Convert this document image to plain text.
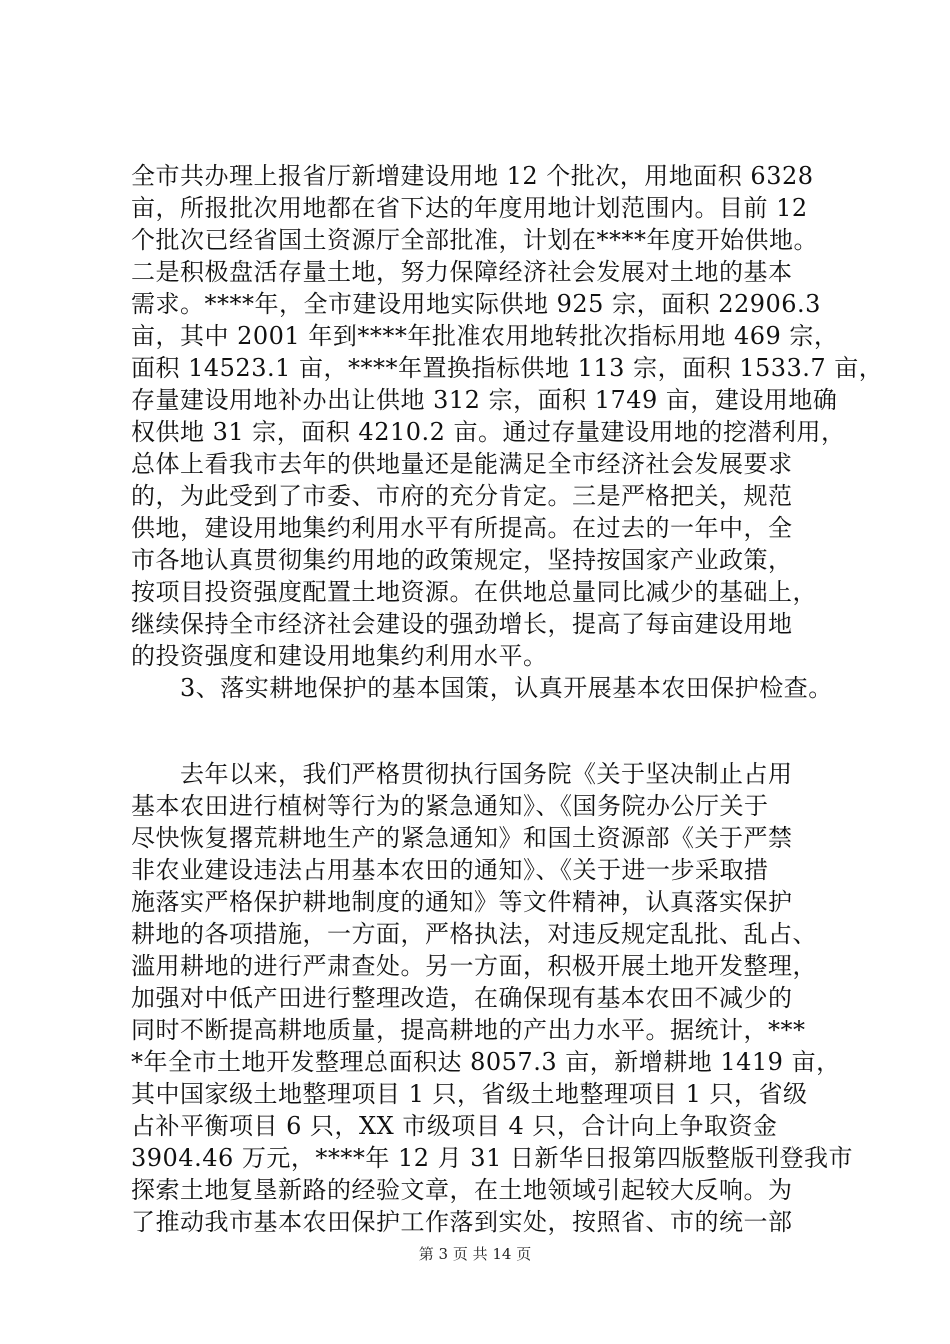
全市共办理上报省厅新增建设用地 12 个批次，用地面积 6328
亩，所报批次用地都在省下达的年度用地计划范围内。目前 12
个批次已经省国土资源厅全部批准，计划在****年度开始供地。
二是积极盘活存量土地，努力保障经济社会发展对土地的基本
需求。****年，全市建设用地实际供地 925 宗，面积 22906.3
亩，其中 2001 年到****年批准农用地转批次指标用地 469 宗，
面积 14523.1 亩，****年置换指标供地 113 宗，面积 1533.7 亩，
存量建设用地补办出让供地 312 宗，面积 1749 亩，建设用地确
权供地 31 宗，面积 4210.2 亩。通过存量建设用地的挖潜利用，
总体上看我市去年的供地量还是能满足全市经济社会发展要求
的，为此受到了市委、市府的充分肯定。三是严格把关，规范
供地，建设用地集约利用水平有所提高。在过去的一年中，全
市各地认真贯彻集约用地的政策规定，坚持按国家产业政策，
按项目投资强度配置土地资源。在供地总量同比减少的基础上，
继续保持全市经济社会建设的强劲增长，提高了每亩建设用地
的投资强度和建设用地集约利用水平。
　　3、落实耕地保护的基本国策，认真开展基本农田保护检查。
　　去年以来，我们严格贯彻执行国务院《关于坚决制止占用
基本农田进行植树等行为的紧急通知》、《国务院办公厅关于
尽快恢复撂荒耕地生产的紧急通知》和国土资源部《关于严禁
非农业建设违法占用基本农田的通知》、《关于进一步采取措
施落实严格保护耕地制度的通知》等文件精神，认真落实保护
耕地的各项措施，一方面，严格执法，对违反规定乱批、乱占、
滥用耕地的进行严肃查处。另一方面，积极开展土地开发整理，
加强对中低产田进行整理改造，在确保现有基本农田不减少的
同时不断提高耕地质量，提高耕地的产出力水平。据统计，***
*年全市土地开发整理总面积达 8057.3 亩，新增耕地 1419 亩，
其中国家级土地整理项目 1 只，省级土地整理项目 1 只，省级
占补平衡项目 6 只，XX 市级项目 4 只，合计向上争取资金
3904.46 万元，****年 12 月 31 日新华日报第四版整版刊登我市
探索土地复垦新路的经验文章，在土地领域引起较大反响。为
了推动我市基本农田保护工作落到实处，按照省、市的统一部
第 3 页 共 14 页
